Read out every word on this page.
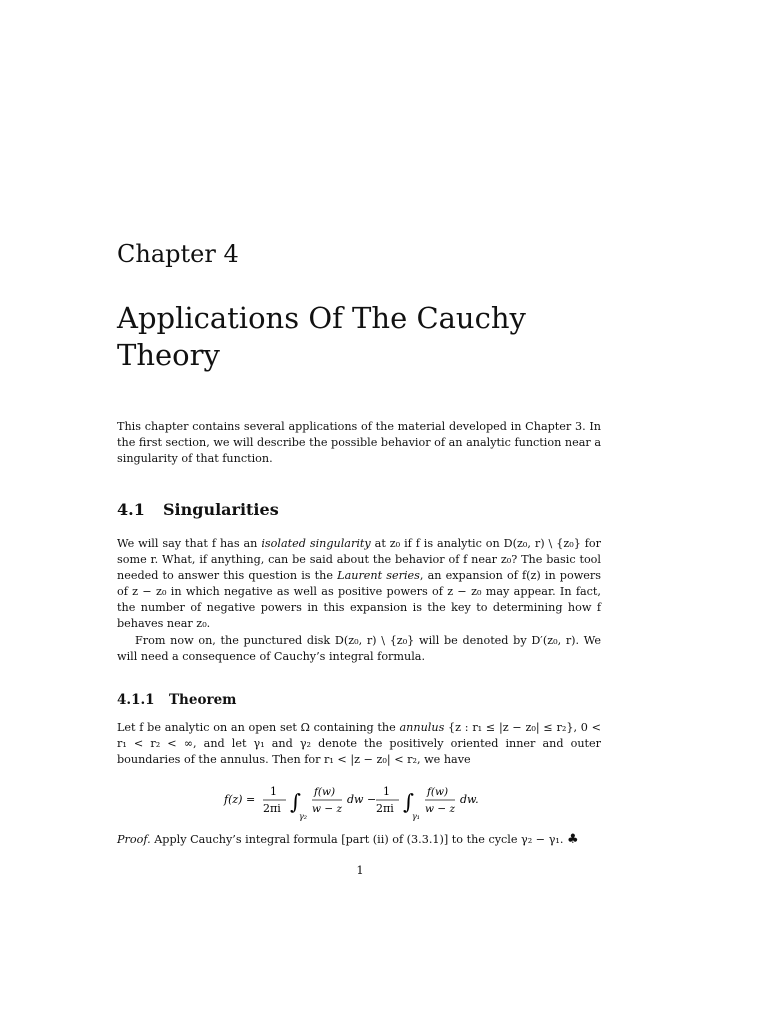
Chapter 4
Applications Of The Cauchy Theory

This chapter contains several applications of the material developed in Chapter 3. In the first section, we will describe the possible behavior of an analytic function near a singularity of that function.

4.1 Singularities

We will say that f has an isolated singularity at z₀ if f is analytic on D(z₀, r) \ {z₀} for some r. What, if anything, can be said about the behavior of f near z₀? The basic tool needed to answer this question is the Laurent series, an expansion of f(z) in powers of z − z₀ in which negative as well as positive powers of z − z₀ may appear. In fact, the number of negative powers in this expansion is the key to determining how f behaves near z₀.

From now on, the punctured disk D(z₀, r) \ {z₀} will be denoted by D′(z₀, r). We will need a consequence of Cauchy’s integral formula.

4.1.1 Theorem

Let f be analytic on an open set Ω containing the annulus {z : r₁ ≤ |z − z₀| ≤ r₂}, 0 < r₁ < r₂ < ∞, and let γ₁ and γ₂ denote the positively oriented inner and outer boundaries of the annulus. Then for r₁ < |z − z₀| < r₂, we have

f(z) =
1
2πi ∫
γ₂
f(w)
w − z
dw −
1
2πi ∫
γ₁
f(w)
w − z
dw.

Proof. Apply Cauchy’s integral formula [part (ii) of (3.3.1)] to the cycle γ₂ − γ₁. ♣

1
